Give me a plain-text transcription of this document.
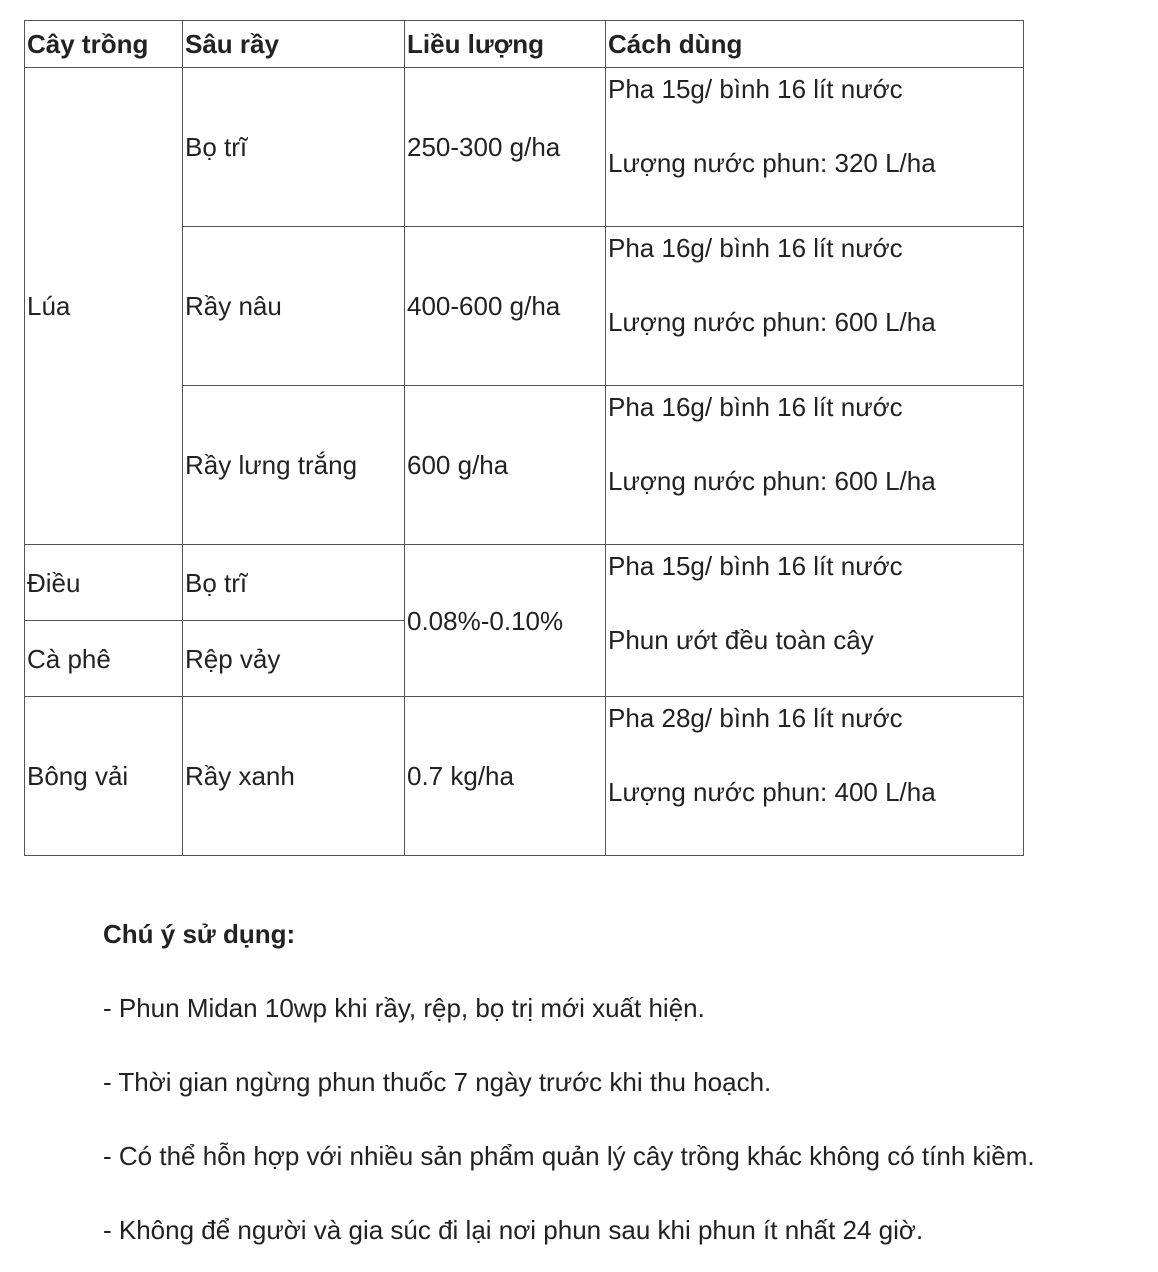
Cây trồng	Sâu rầy	Liều lượng	Cách dùng
Lúa	Bọ trĩ	250-300 g/ha	Pha 15g/ bình 16 lít nước
Lượng nước phun: 320 L/ha

	Rầy nâu	400-600 g/ha	Pha 16g/ bình 16 lít nước
Lượng nước phun: 600 L/ha

	Rầy lưng trắng	600 g/ha	Pha 16g/ bình 16 lít nước
Lượng nước phun: 600 L/ha

Điều	Bọ trĩ	0.08%-0.10%	Pha 15g/ bình 16 lít nước
Phun ướt đều toàn cây

Cà phê	Rệp vảy		
Bông vải	Rầy xanh	0.7 kg/ha	Pha 28g/ bình 16 lít nước
Lượng nước phun: 400 L/ha

Chú ý sử dụng:

- Phun Midan 10wp khi rầy, rệp, bọ trị mới xuất hiện.

- Thời gian ngừng phun thuốc 7 ngày trước khi thu hoạch.

- Có thể hỗn hợp với nhiều sản phẩm quản lý cây trồng khác không có tính kiềm.

- Không để người và gia súc đi lại nơi phun sau khi phun ít nhất 24 giờ.
